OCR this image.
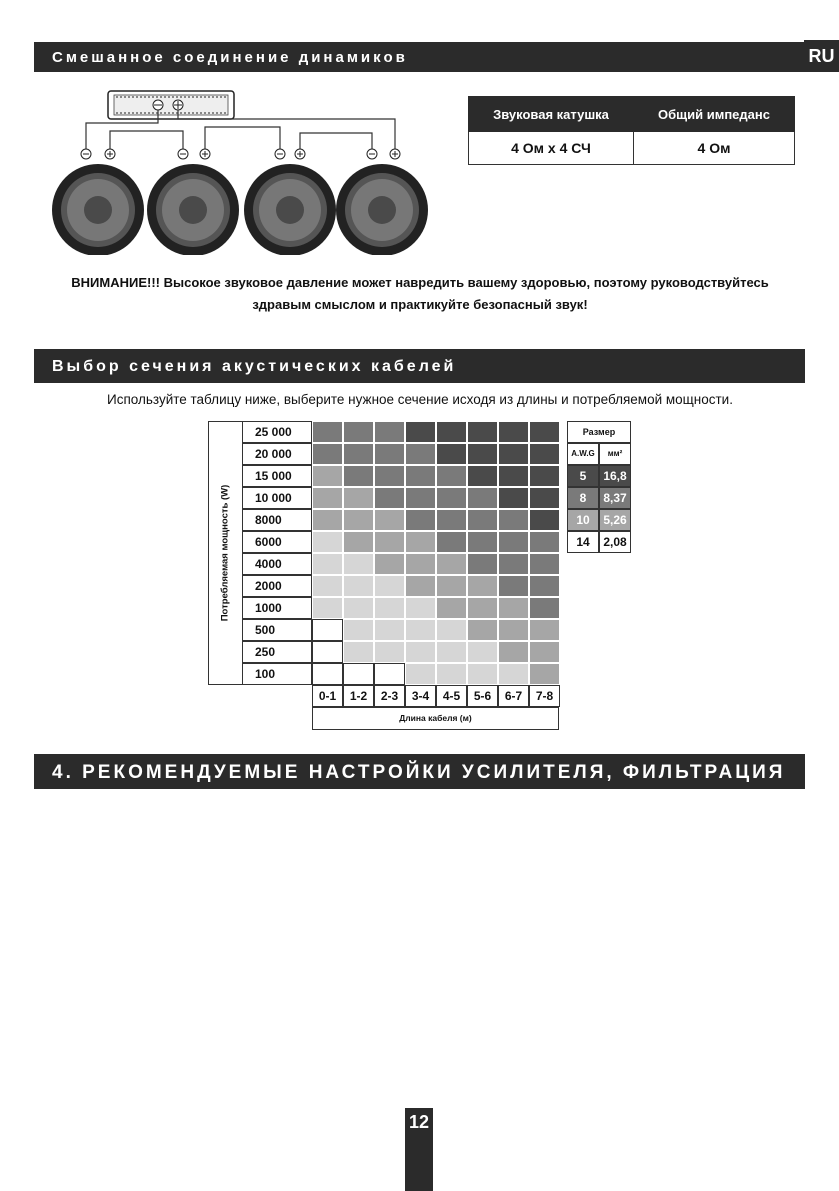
Смешанное соединение динамиков	RU
Звуковая катушка	Общий импеданс
4 Ом x 4 СЧ	4 Ом
ВНИМАНИЕ!!! Высокое звуковое давление может навредить вашему здоровью, поэтому руководствуйтесь
здравым смыслом и практикуйте безопасный звук!
Выбор сечения акустических кабелей
Используйте таблицу ниже, выберите нужное сечение исходя из длины и потребляемой мощности.
Потребляемая мощность (W)
25 000
20 000
15 000
10 000
8000
6000
4000
2000
1000
500
250
100
0-1	1-2	2-3	3-4	4-5	5-6	6-7	7-8
Длина кабеля (м)
Размер
A.W.G	мм²
5	16,8
8	8,37
10	5,26
14	2,08
4. РЕКОМЕНДУЕМЫЕ НАСТРОЙКИ УСИЛИТЕЛЯ, ФИЛЬТРАЦИЯ
12
